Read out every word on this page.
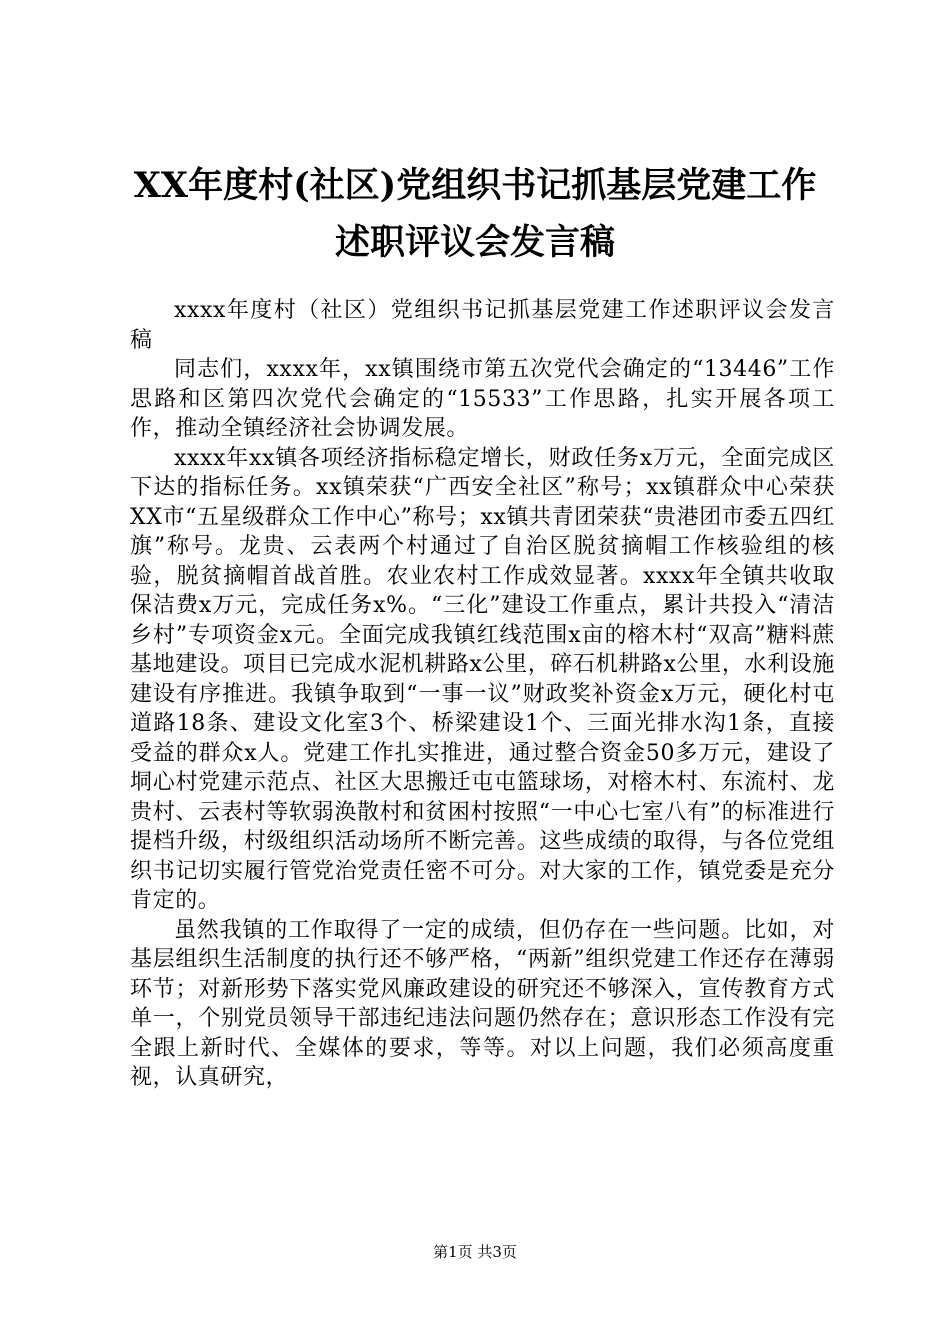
XX年度村(社区)党组织书记抓基层党建工作
述职评议会发言稿

xxxx年度村（社区）党组织书记抓基层党建工作述职评议会发言稿

同志们，xxxx年，xx镇围绕市第五次党代会确定的“13446”工作思路和区第四次党代会确定的“15533”工作思路，扎实开展各项工作，推动全镇经济社会协调发展。

xxxx年xx镇各项经济指标稳定增长，财政任务x万元，全面完成区下达的指标任务。xx镇荣获“广西安全社区”称号；xx镇群众中心荣获XX市“五星级群众工作中心”称号；xx镇共青团荣获“贵港团市委五四红旗”称号。龙贵、云表两个村通过了自治区脱贫摘帽工作核验组的核验，脱贫摘帽首战首胜。农业农村工作成效显著。xxxx年全镇共收取保洁费x万元，完成任务x%。“三化”建设工作重点，累计共投入“清洁乡村”专项资金x元。全面完成我镇红线范围x亩的榕木村“双高”糖料蔗基地建设。项目已完成水泥机耕路x公里，碎石机耕路x公里，水利设施建设有序推进。我镇争取到“一事一议”财政奖补资金x万元，硬化村屯道路18条、建设文化室3个、桥梁建设1个、三面光排水沟1条，直接受益的群众x人。党建工作扎实推进，通过整合资金50多万元，建设了垌心村党建示范点、社区大思搬迁屯屯篮球场，对榕木村、东流村、龙贵村、云表村等软弱涣散村和贫困村按照“一中心七室八有”的标准进行提档升级，村级组织活动场所不断完善。这些成绩的取得，与各位党组织书记切实履行管党治党责任密不可分。对大家的工作，镇党委是充分肯定的。

虽然我镇的工作取得了一定的成绩，但仍存在一些问题。比如，对基层组织生活制度的执行还不够严格，“两新”组织党建工作还存在薄弱环节；对新形势下落实党风廉政建设的研究还不够深入，宣传教育方式单一，个别党员领导干部违纪违法问题仍然存在；意识形态工作没有完全跟上新时代、全媒体的要求，等等。对以上问题，我们必须高度重视，认真研究，

第1页 共3页
